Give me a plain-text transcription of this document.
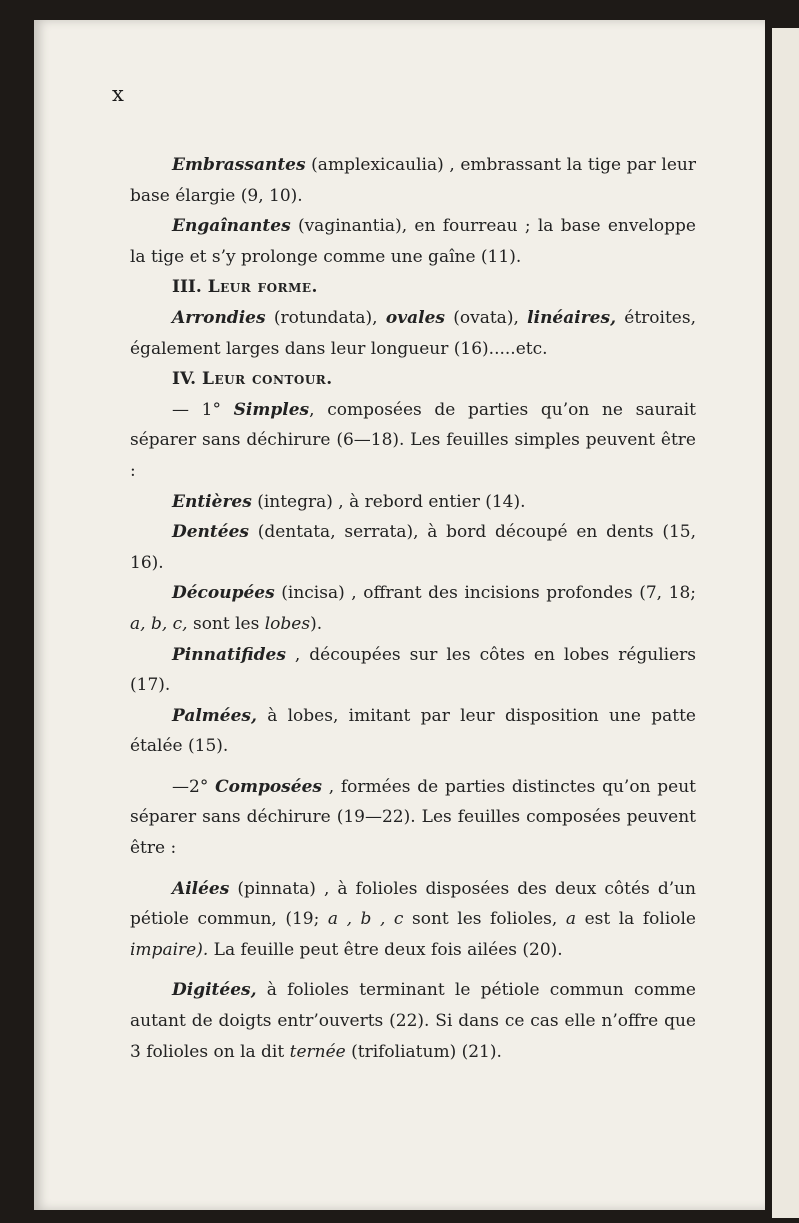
x

Embrassantes (amplexicaulia) , embrassant la tige par leur base élargie (9, 10).

Engaînantes (vaginantia), en fourreau ; la base enveloppe la tige et s’y prolonge comme une gaîne (11).

III. Leur forme.

Arrondies (rotundata), ovales (ovata), linéaires, étroites, également larges dans leur longueur (16).....etc.

IV. Leur contour.

— 1° Simples, composées de parties qu’on ne saurait séparer sans déchirure (6—18). Les feuilles simples peuvent être :

Entières (integra) , à rebord entier (14).

Dentées (dentata, serrata), à bord découpé en dents (15, 16).

Découpées (incisa) , offrant des incisions profondes (7, 18; a, b, c, sont les lobes).

Pinnatifides , découpées sur les côtes en lobes réguliers (17).

Palmées, à lobes, imitant par leur disposition une patte étalée (15).

—2° Composées , formées de parties distinctes qu’on peut séparer sans déchirure (19—22). Les feuilles composées peuvent être :

Ailées (pinnata) , à folioles disposées des deux côtés d’un pétiole commun, (19; a , b , c sont les folioles, a est la foliole impaire). La feuille peut être deux fois ailées (20).

Digitées, à folioles terminant le pétiole commun comme autant de doigts entr’ouverts (22). Si dans ce cas elle n’offre que 3 folioles on la dit ternée (trifoliatum) (21).
